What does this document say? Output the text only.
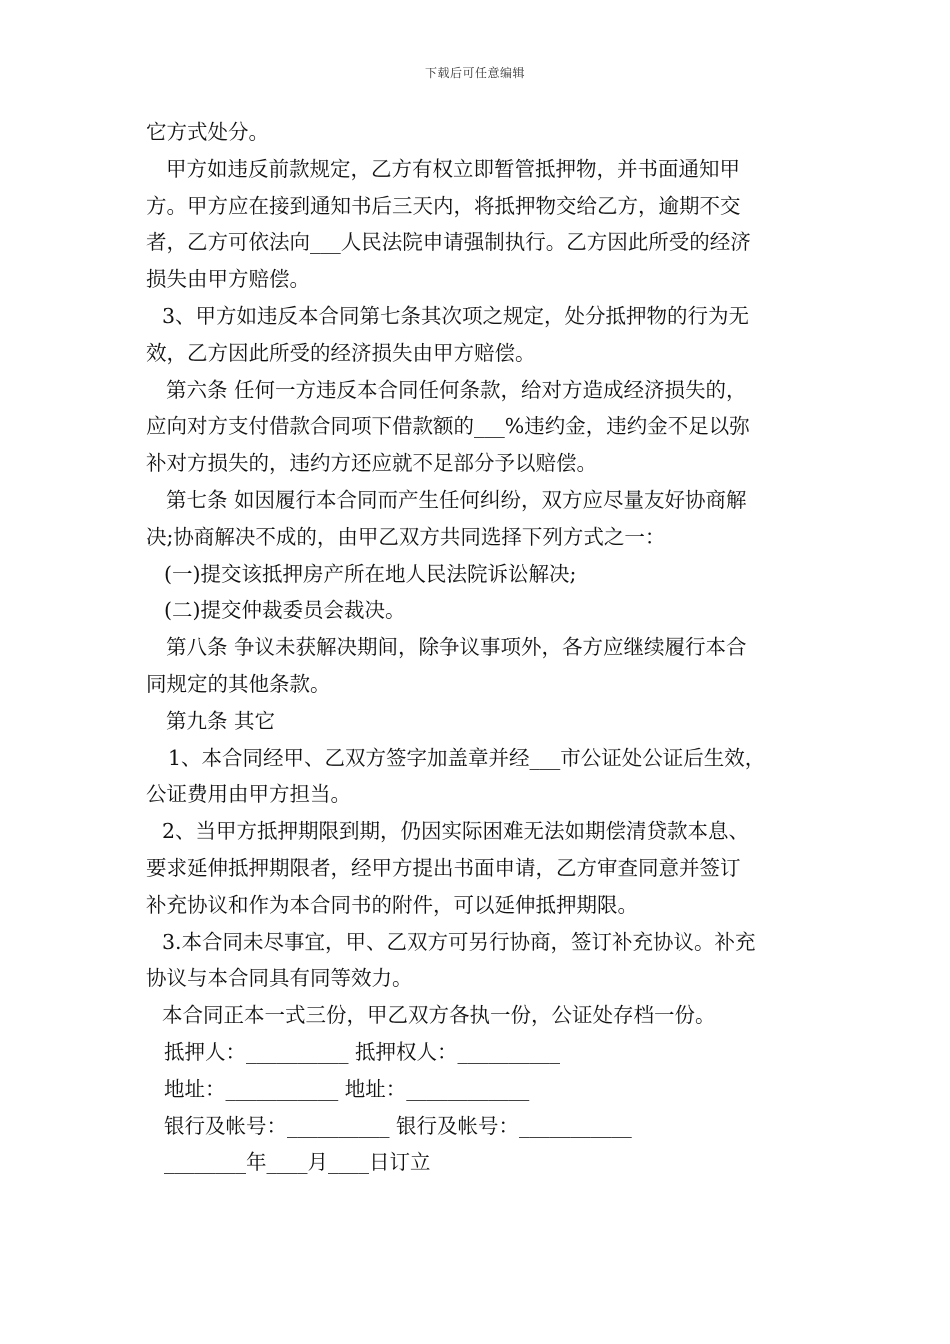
下载后可任意编辑

它方式处分。

甲方如违反前款规定，乙方有权立即暂管抵押物，并书面通知甲
方。甲方应在接到通知书后三天内，将抵押物交给乙方，逾期不交
者，乙方可依法向___人民法院申请强制执行。乙方因此所受的经济
损失由甲方赔偿。

3、甲方如违反本合同第七条其次项之规定，处分抵押物的行为无
效，乙方因此所受的经济损失由甲方赔偿。

第六条 任何一方违反本合同任何条款，给对方造成经济损失的，
应向对方支付借款合同项下借款额的___%违约金，违约金不足以弥
补对方损失的，违约方还应就不足部分予以赔偿。

第七条 如因履行本合同而产生任何纠纷，双方应尽量友好协商解
决;协商解决不成的，由甲乙双方共同选择下列方式之一：

(一)提交该抵押房产所在地人民法院诉讼解决;

(二)提交仲裁委员会裁决。

第八条 争议未获解决期间，除争议事项外，各方应继续履行本合
同规定的其他条款。

第九条 其它

1、本合同经甲、乙双方签字加盖章并经___市公证处公证后生效，
公证费用由甲方担当。

2、当甲方抵押期限到期，仍因实际困难无法如期偿清贷款本息、
要求延伸抵押期限者，经甲方提出书面申请，乙方审查同意并签订
补充协议和作为本合同书的附件，可以延伸抵押期限。

3.本合同未尽事宜，甲、乙双方可另行协商，签订补充协议。补充
协议与本合同具有同等效力。

本合同正本一式三份，甲乙双方各执一份，公证处存档一份。

抵押人：__________ 抵押权人：__________

地址：___________ 地址：____________

银行及帐号：__________ 银行及帐号：___________

________年____月____日订立
